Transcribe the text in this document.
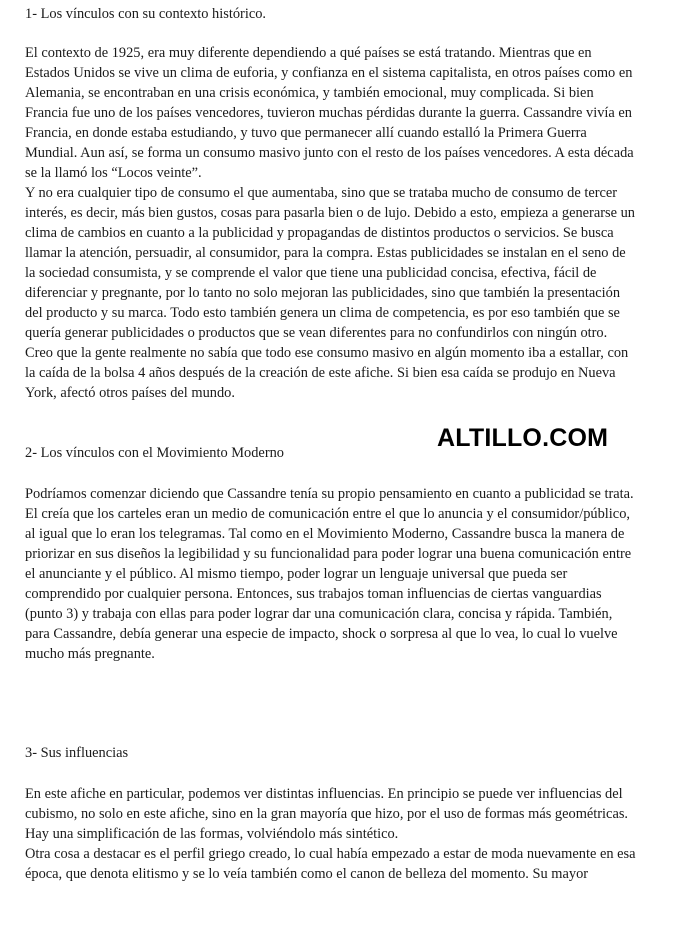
1- Los vínculos con su contexto histórico.
El contexto de 1925, era muy diferente dependiendo a qué países se está tratando. Mientras que en
Estados Unidos se vive un clima de euforia, y confianza en el sistema capitalista, en otros países como en
Alemania, se encontraban en una crisis económica, y también emocional, muy complicada. Si bien
Francia fue uno de los países vencedores, tuvieron muchas pérdidas durante la guerra. Cassandre vivía en
Francia, en donde estaba estudiando, y tuvo que permanecer allí cuando estalló la Primera Guerra
Mundial. Aun así, se forma un consumo masivo junto con el resto de los países vencedores. A esta década
se la llamó los “Locos veinte”.
Y no era cualquier tipo de consumo el que aumentaba, sino que se trataba mucho de consumo de tercer
interés, es decir, más bien gustos, cosas para pasarla bien o de lujo. Debido a esto, empieza a generarse un
clima de cambios en cuanto a la publicidad y propagandas de distintos productos o servicios. Se busca
llamar la atención, persuadir, al consumidor, para la compra. Estas publicidades se instalan en el seno de
la sociedad consumista, y se comprende el valor que tiene una publicidad concisa, efectiva, fácil de
diferenciar y pregnante, por lo tanto no solo mejoran las publicidades, sino que también la presentación
del producto y su marca. Todo esto también genera un clima de competencia, es por eso también que se
quería generar publicidades o productos que se vean diferentes para no confundirlos con ningún otro.
Creo que la gente realmente no sabía que todo ese consumo masivo en algún momento iba a estallar, con
la caída de la bolsa 4 años después de la creación de este afiche. Si bien esa caída se produjo en Nueva
York, afectó otros países del mundo.
2- Los vínculos con el Movimiento Moderno
Podríamos comenzar diciendo que Cassandre tenía su propio pensamiento en cuanto a publicidad se trata.
El creía que los carteles eran un medio de comunicación entre el que lo anuncia y el consumidor/público,
al igual que lo eran los telegramas. Tal como en el Movimiento Moderno, Cassandre busca la manera de
priorizar en sus diseños la legibilidad y su funcionalidad para poder lograr una buena comunicación entre
el anunciante y el público. Al mismo tiempo, poder lograr un lenguaje universal que pueda ser
comprendido por cualquier persona. Entonces, sus trabajos toman influencias de ciertas vanguardias
(punto 3) y trabaja con ellas para poder lograr dar una comunicación clara, concisa y rápida. También,
para Cassandre, debía generar una especie de impacto, shock o sorpresa al que lo vea, lo cual lo vuelve
mucho más pregnante.
3- Sus influencias
En este afiche en particular, podemos ver distintas influencias. En principio se puede ver influencias del
cubismo, no solo en este afiche, sino en la gran mayoría que hizo, por el uso de formas más geométricas.
Hay una simplificación de las formas, volviéndolo más sintético.
Otra cosa a destacar es el perfil griego creado, lo cual había empezado a estar de moda nuevamente en esa
época, que denota elitismo y se lo veía también como el canon de belleza del momento. Su mayor
ALTILLO.COM
